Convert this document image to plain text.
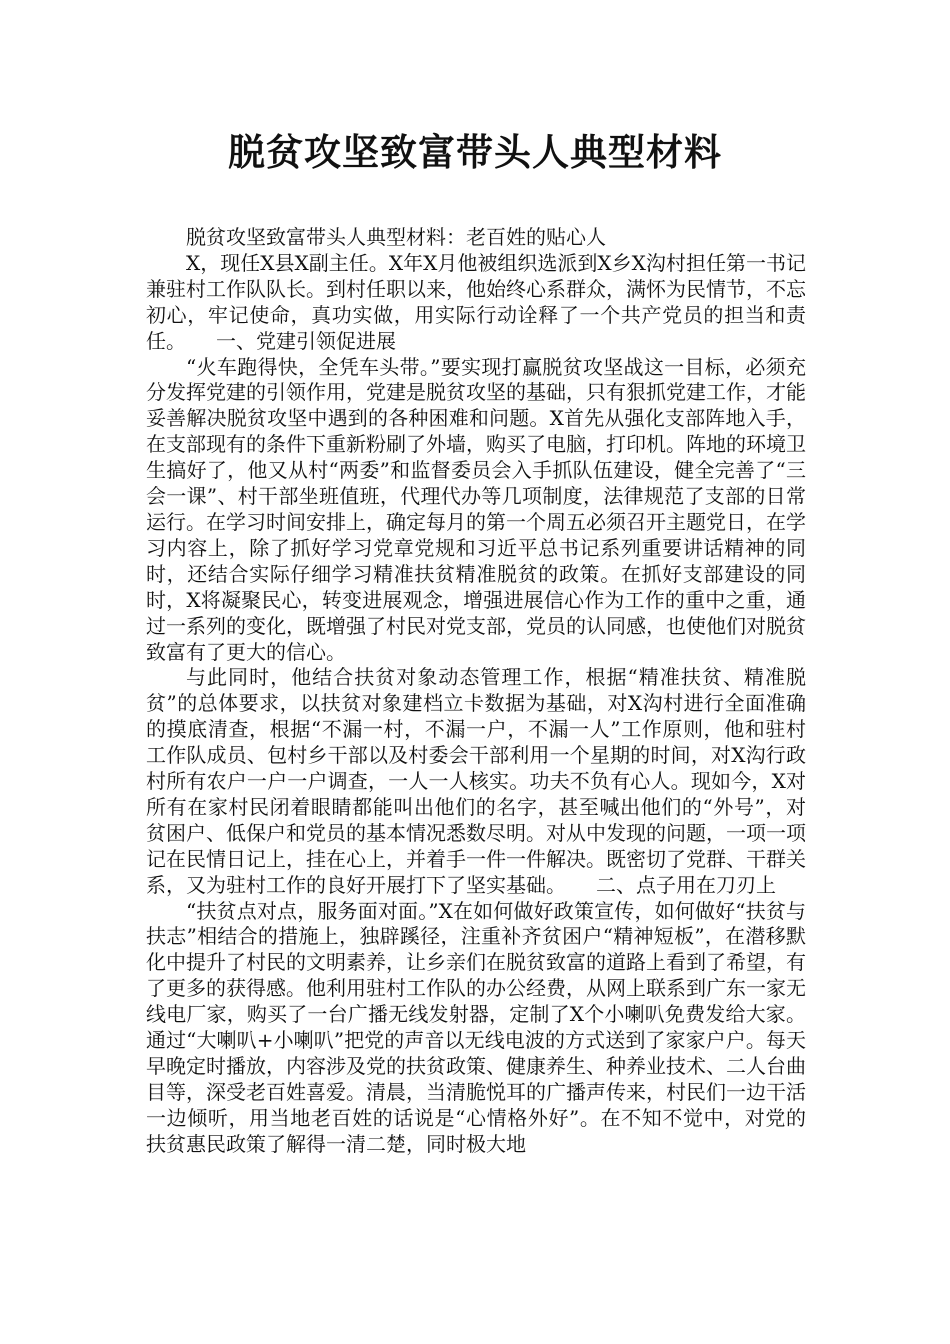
脱贫攻坚致富带头人典型材料

脱贫攻坚致富带头人典型材料：老百姓的贴心人

X，现任X县X副主任。X年X月他被组织选派到X乡X沟村担任第一书记兼驻村工作队队长。到村任职以来，他始终心系群众，满怀为民情节，不忘初心，牢记使命，真功实做，用实际行动诠释了一个共产党员的担当和责任。　　一、党建引领促进展

“火车跑得快，全凭车头带。”要实现打赢脱贫攻坚战这一目标，必须充分发挥党建的引领作用，党建是脱贫攻坚的基础，只有狠抓党建工作，才能妥善解决脱贫攻坚中遇到的各种困难和问题。X首先从强化支部阵地入手，在支部现有的条件下重新粉刷了外墙，购买了电脑，打印机。阵地的环境卫生搞好了，他又从村“两委”和监督委员会入手抓队伍建设，健全完善了“三会一课”、村干部坐班值班，代理代办等几项制度，法律规范了支部的日常运行。在学习时间安排上，确定每月的第一个周五必须召开主题党日，在学习内容上，除了抓好学习党章党规和习近平总书记系列重要讲话精神的同时，还结合实际仔细学习精准扶贫精准脱贫的政策。在抓好支部建设的同时，X将凝聚民心，转变进展观念，增强进展信心作为工作的重中之重，通过一系列的变化，既增强了村民对党支部，党员的认同感，也使他们对脱贫致富有了更大的信心。

与此同时，他结合扶贫对象动态管理工作，根据“精准扶贫、精准脱贫”的总体要求，以扶贫对象建档立卡数据为基础，对X沟村进行全面准确的摸底清查，根据“不漏一村，不漏一户，不漏一人”工作原则，他和驻村工作队成员、包村乡干部以及村委会干部利用一个星期的时间，对X沟行政村所有农户一户一户调查，一人一人核实。功夫不负有心人。现如今，X对所有在家村民闭着眼睛都能叫出他们的名字，甚至喊出他们的“外号”，对贫困户、低保户和党员的基本情况悉数尽明。对从中发现的问题，一项一项记在民情日记上，挂在心上，并着手一件一件解决。既密切了党群、干群关系，又为驻村工作的良好开展打下了坚实基础。　　二、点子用在刀刃上

“扶贫点对点，服务面对面。”X在如何做好政策宣传，如何做好“扶贫与扶志”相结合的措施上，独辟蹊径，注重补齐贫困户“精神短板”，在潜移默化中提升了村民的文明素养，让乡亲们在脱贫致富的道路上看到了希望，有了更多的获得感。他利用驻村工作队的办公经费，从网上联系到广东一家无线电厂家，购买了一台广播无线发射器，定制了X个小喇叭免费发给大家。通过“大喇叭+小喇叭”把党的声音以无线电波的方式送到了家家户户。每天早晚定时播放，内容涉及党的扶贫政策、健康养生、种养业技术、二人台曲目等，深受老百姓喜爱。清晨，当清脆悦耳的广播声传来，村民们一边干活一边倾听，用当地老百姓的话说是“心情格外好”。在不知不觉中，对党的扶贫惠民政策了解得一清二楚，同时极大地
